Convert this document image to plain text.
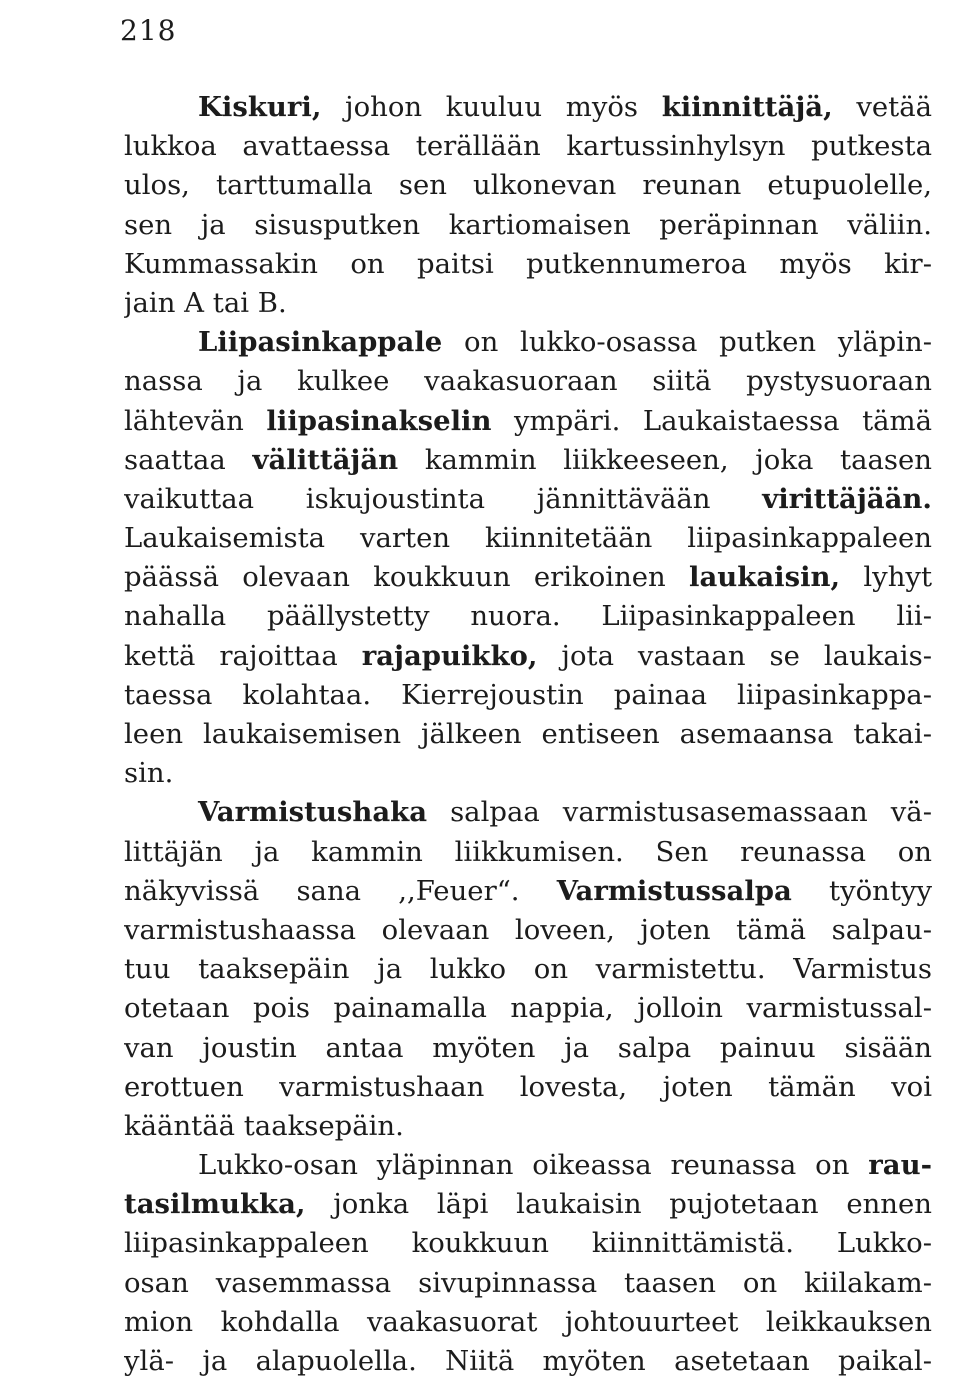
218
Kiskuri, johon kuuluu myös kiinnittäjä, vetää
lukkoa avattaessa terällään kartussinhylsyn putkesta
ulos, tarttumalla sen ulkonevan reunan etupuolelle,
sen ja sisusputken kartiomaisen peräpinnan väliin.
Kummassakin on paitsi putkennumeroa myös kir-
jain A tai B.
Liipasinkappale on lukko-osassa putken yläpin-
nassa ja kulkee vaakasuoraan siitä pystysuoraan
lähtevän liipasinakselin ympäri. Laukaistaessa tämä
saattaa välittäjän kammin liikkeeseen, joka taasen
vaikuttaa iskujoustinta jännittävään virittäjään.
Laukaisemista varten kiinnitetään liipasinkappaleen
päässä olevaan koukkuun erikoinen laukaisin, lyhyt
nahalla päällystetty nuora. Liipasinkappaleen lii-
kettä rajoittaa rajapuikko, jota vastaan se laukais-
taessa kolahtaa. Kierrejoustin painaa liipasinkappa-
leen laukaisemisen jälkeen entiseen asemaansa takai-
sin.
Varmistushaka salpaa varmistusasemassaan vä-
littäjän ja kammin liikkumisen. Sen reunassa on
näkyvissä sana ,,Feuer“. Varmistussalpa työntyy
varmistushaassa olevaan loveen, joten tämä salpau-
tuu taaksepäin ja lukko on varmistettu. Varmistus
otetaan pois painamalla nappia, jolloin varmistussal-
van joustin antaa myöten ja salpa painuu sisään
erottuen varmistushaan lovesta, joten tämän voi
kääntää taaksepäin.
Lukko-osan yläpinnan oikeassa reunassa on rau-
tasilmukka, jonka läpi laukaisin pujotetaan ennen
liipasinkappaleen koukkuun kiinnittämistä. Lukko-
osan vasemmassa sivupinnassa taasen on kiilakam-
mion kohdalla vaakasuorat johtouurteet leikkauksen
ylä- ja alapuolella. Niitä myöten asetetaan paikal-
